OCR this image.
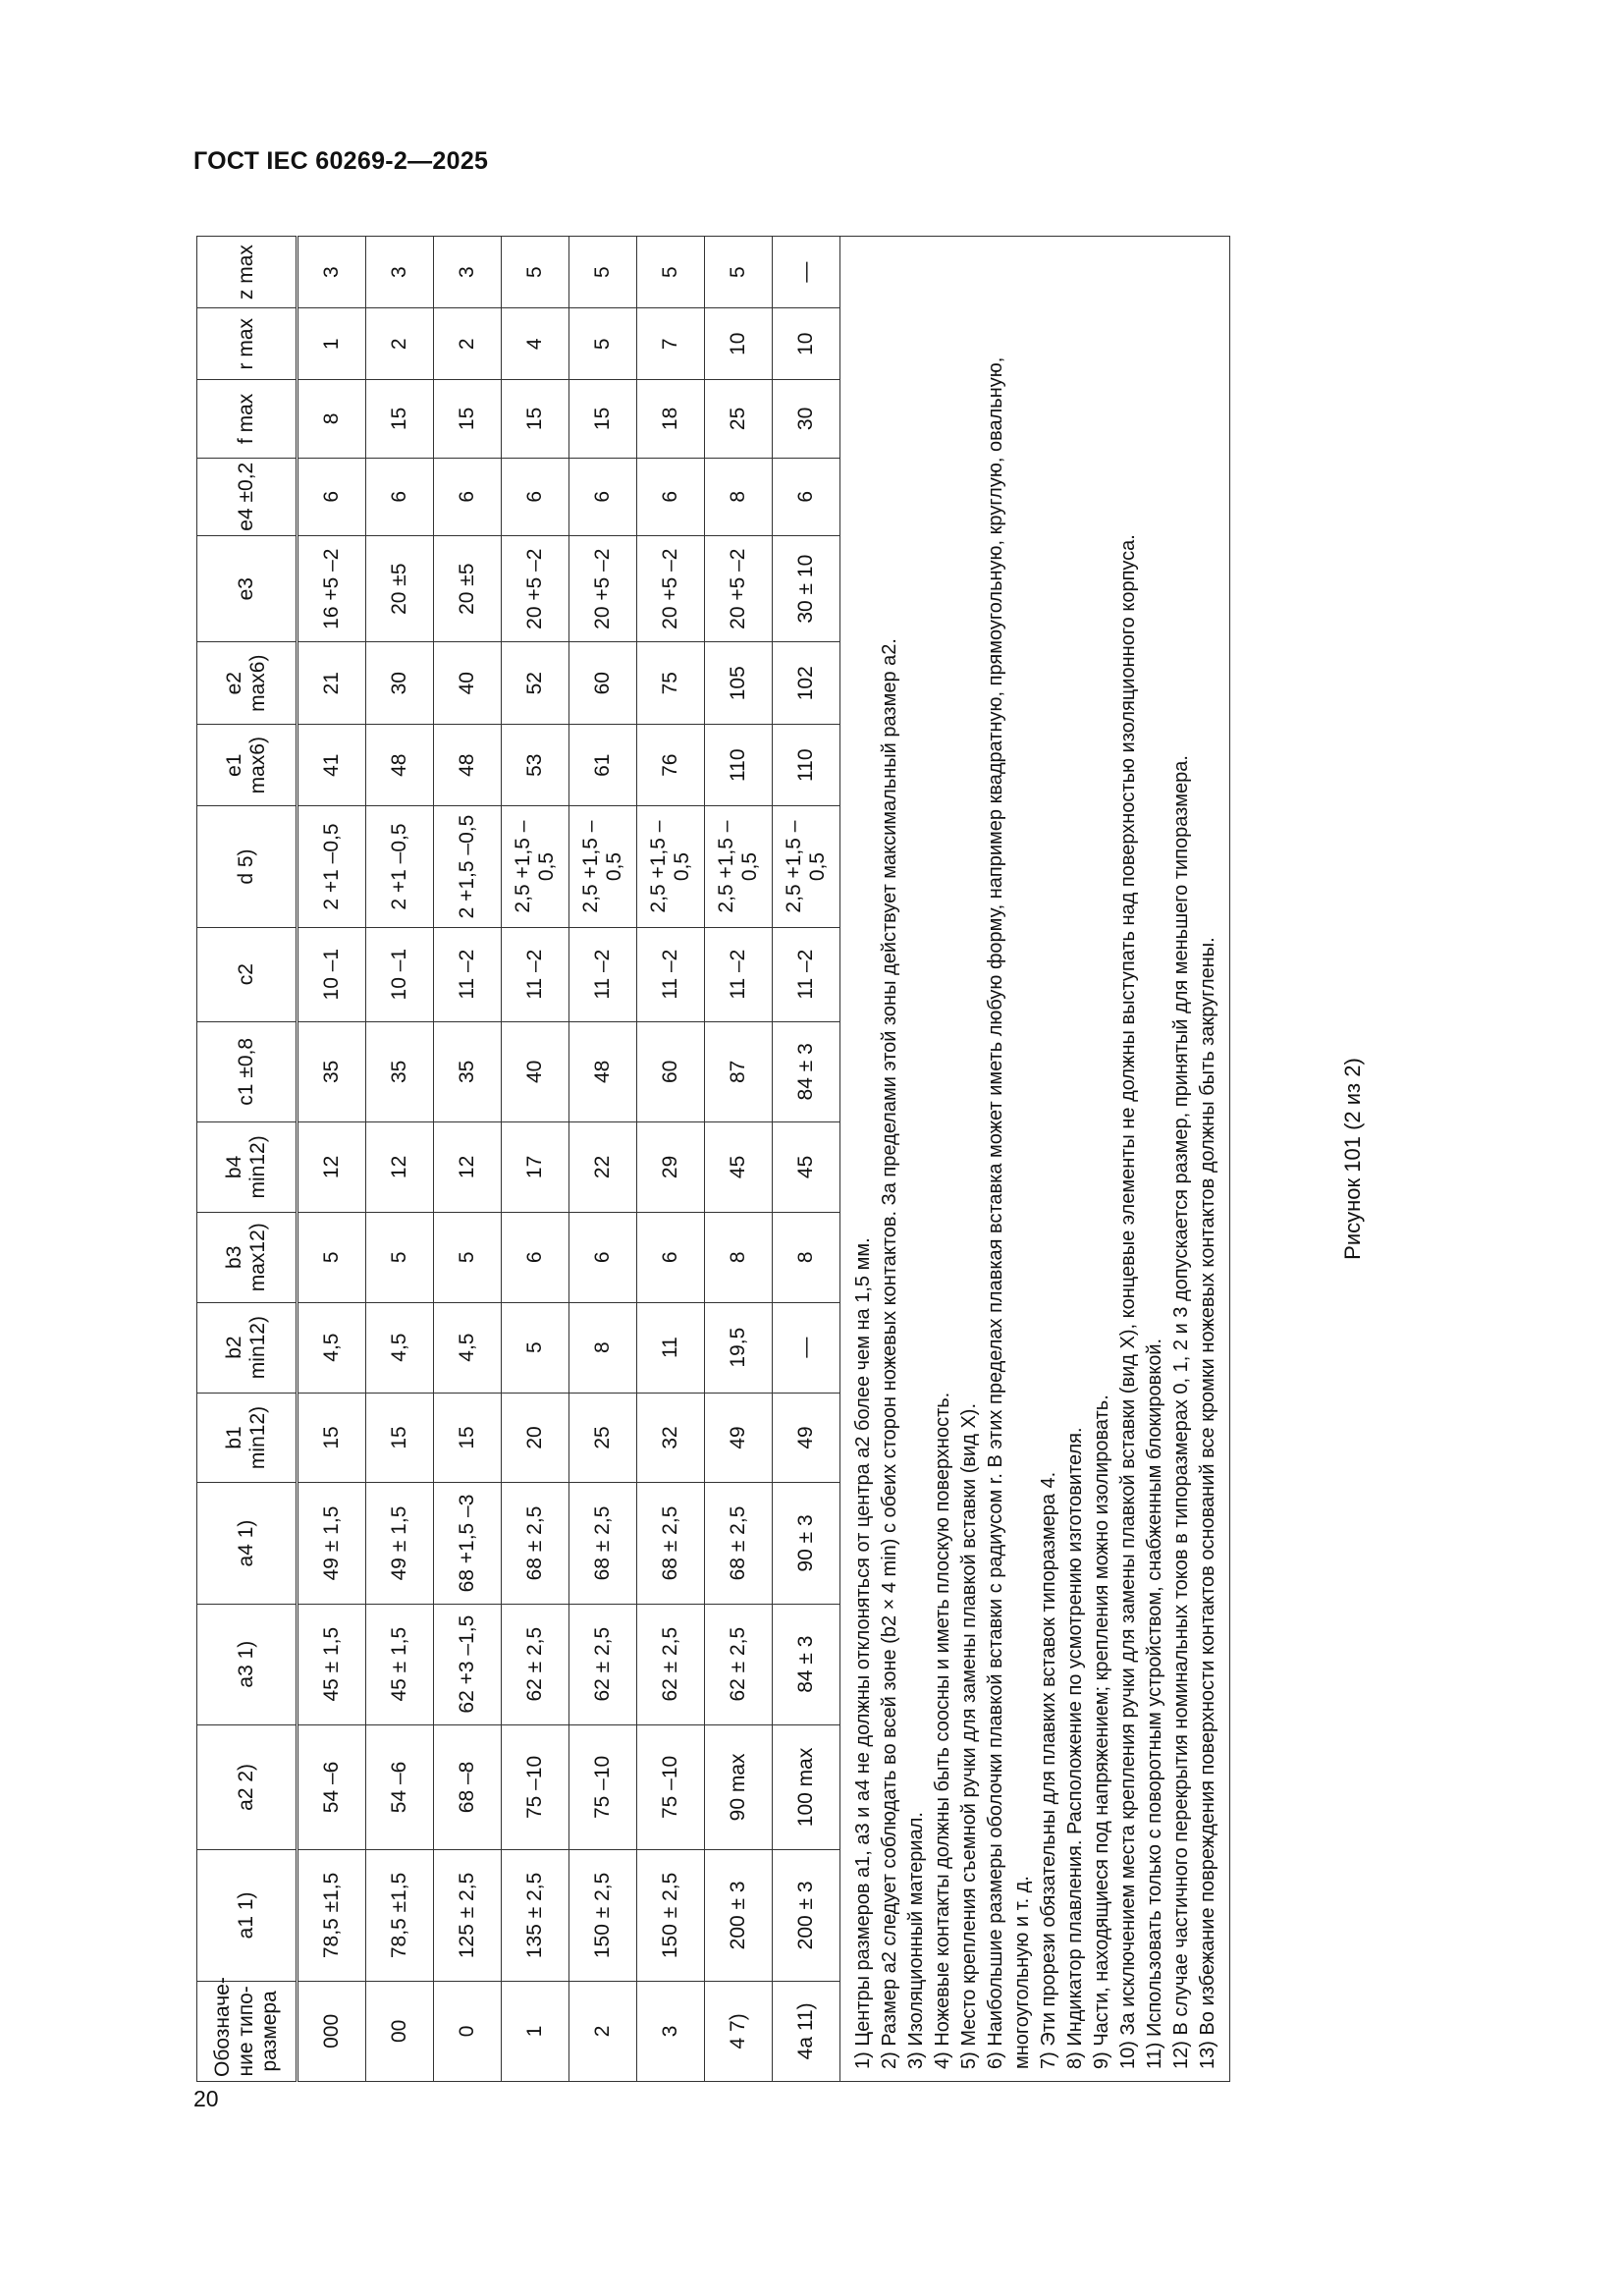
ГОСТ IEC 60269-2—2025
Обозначе-ние типо-размера	a1 1)	a2 2)	a3 1)	a4 1)	b1 min12)	b2 min12)	b3 max12)	b4 min12)	c1 ±0,8	c2	d 5)	e1 max6)	e2 max6)	e3	e4 ±0,2	f max	r max	z max
000	78,5 ±1,5	54 –6	45 ± 1,5	49 ± 1,5	15	4,5	5	12	35	10 –1	2 +1 –0,5	41	21	16 +5 –2	6	8	1	3
00	78,5 ±1,5	54 –6	45 ± 1,5	49 ± 1,5	15	4,5	5	12	35	10 –1	2 +1 –0,5	48	30	20 ±5	6	15	2	3
0	125 ± 2,5	68 –8	62 +3 –1,5	68 +1,5 –3	15	4,5	5	12	35	11 –2	2 +1,5 –0,5	48	40	20 ±5	6	15	2	3
1	135 ± 2,5	75 –10	62 ± 2,5	68 ± 2,5	20	5	6	17	40	11 –2	2,5 +1,5 –0,5	53	52	20 +5 –2	6	15	4	5
2	150 ± 2,5	75 –10	62 ± 2,5	68 ± 2,5	25	8	6	22	48	11 –2	2,5 +1,5 –0,5	61	60	20 +5 –2	6	15	5	5
3	150 ± 2,5	75 –10	62 ± 2,5	68 ± 2,5	32	11	6	29	60	11 –2	2,5 +1,5 –0,5	76	75	20 +5 –2	6	18	7	5
4 7)	200 ± 3	90 max	62 ± 2,5	68 ± 2,5	49	19,5	8	45	87	11 –2	2,5 +1,5 –0,5	110	105	20 +5 –2	8	25	10	5
4a 11)	200 ± 3	100 max	84 ± 3	90 ± 3	49	—	8	45	84 ± 3	11 –2	2,5 +1,5 –0,5	110	102	30 ± 10	6	30	10	—

1) Центры размеров a1, a3 и a4 не должны отклоняться от центра a2 более чем на 1,5 мм. 2) Размер a2 следует соблюдать во всей зоне (b2 × 4 min) с обеих сторон ножевых контактов. За пределами этой зоны действует максимальный размер a2. 3) Изоляционный материал. 4) Ножевые контакты должны быть соосны и иметь плоскую поверхность. 5) Место крепления съемной ручки для замены плавкой вставки (вид X). 6) Наибольшие размеры оболочки плавкой вставки с радиусом r. В этих пределах плавкая вставка может иметь любую форму, например квадратную, прямоугольную, круглую, овальную, многоугольную и т. д. 7) Эти прорези обязательны для плавких вставок типоразмера 4. 8) Индикатор плавления. Расположение по усмотрению изготовителя. 9) Части, находящиеся под напряжением; крепления можно изолировать. 10) За исключением места крепления ручки для замены плавкой вставки (вид X), концевые элементы не должны выступать над поверхностью изоляционного корпуса. 11) Использовать только с поворотным устройством, снабженным блокировкой. 12) В случае частичного перекрытия номинальных токов в типоразмерах 0, 1, 2 и 3 допускается размер, принятый для меньшего типоразмера. 13) Во избежание повреждения поверхности контактов оснований все кромки ножевых контактов должны быть закруглены.	Рисунок 101 (2 из 2)
20
